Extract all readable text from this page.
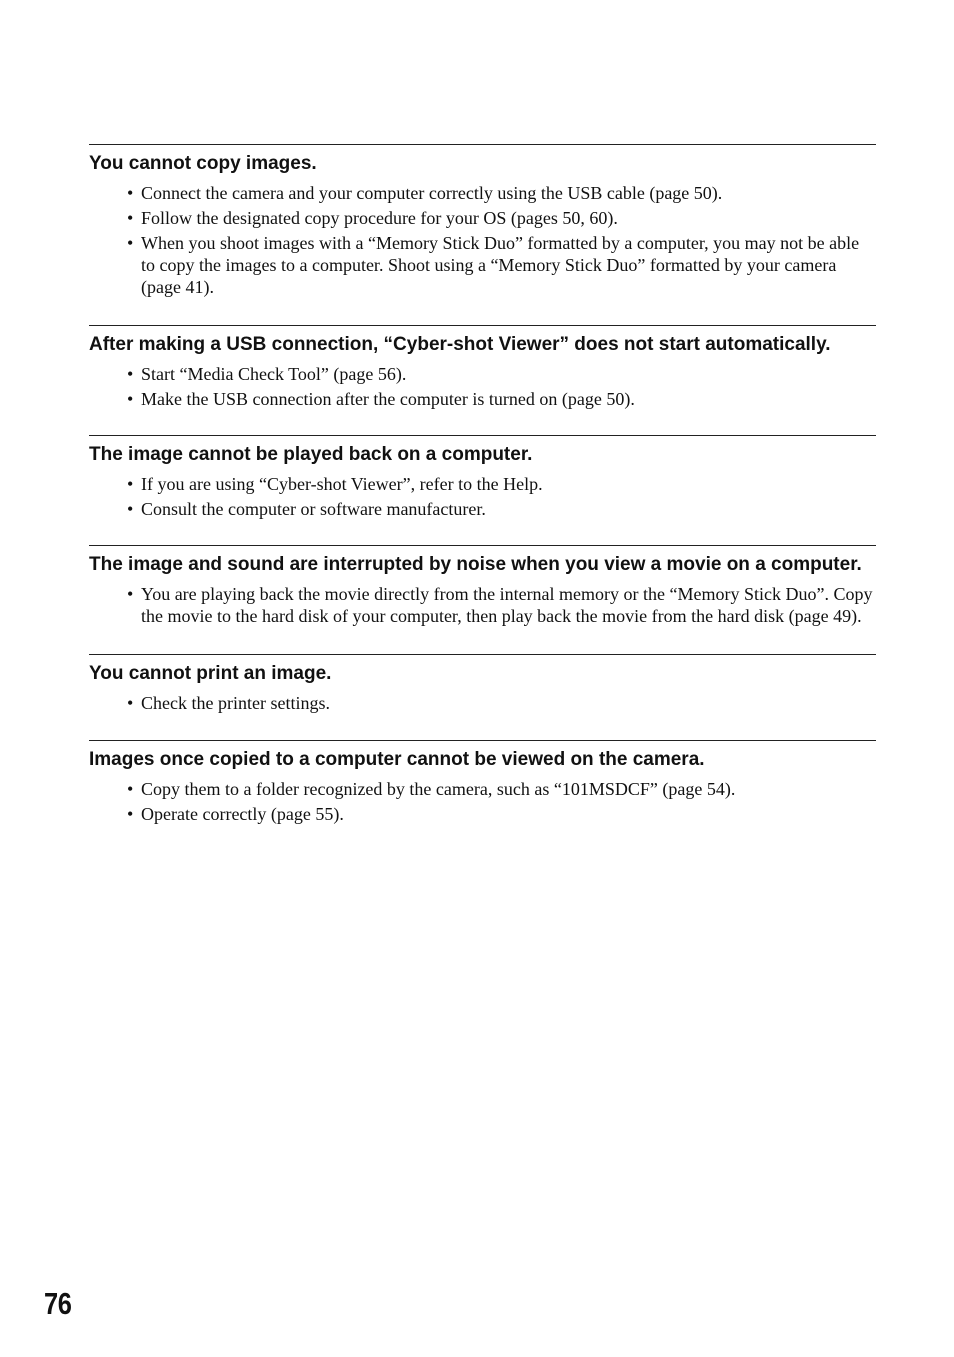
You cannot copy images.
• Connect the camera and your computer correctly using the USB cable (page 50).
• Follow the designated copy procedure for your OS (pages 50, 60).
• When you shoot images with a “Memory Stick Duo” formatted by a computer, you may not be able to copy the images to a computer. Shoot using a “Memory Stick Duo” formatted by your camera (page 41).
After making a USB connection, “Cyber-shot Viewer” does not start automatically.
• Start “Media Check Tool” (page 56).
• Make the USB connection after the computer is turned on (page 50).
The image cannot be played back on a computer.
• If you are using “Cyber-shot Viewer”, refer to the Help.
• Consult the computer or software manufacturer.
The image and sound are interrupted by noise when you view a movie on a computer.
• You are playing back the movie directly from the internal memory or the “Memory Stick Duo”. Copy the movie to the hard disk of your computer, then play back the movie from the hard disk (page 49).
You cannot print an image.
• Check the printer settings.
Images once copied to a computer cannot be viewed on the camera.
• Copy them to a folder recognized by the camera, such as “101MSDCF” (page 54).
• Operate correctly (page 55).
76
